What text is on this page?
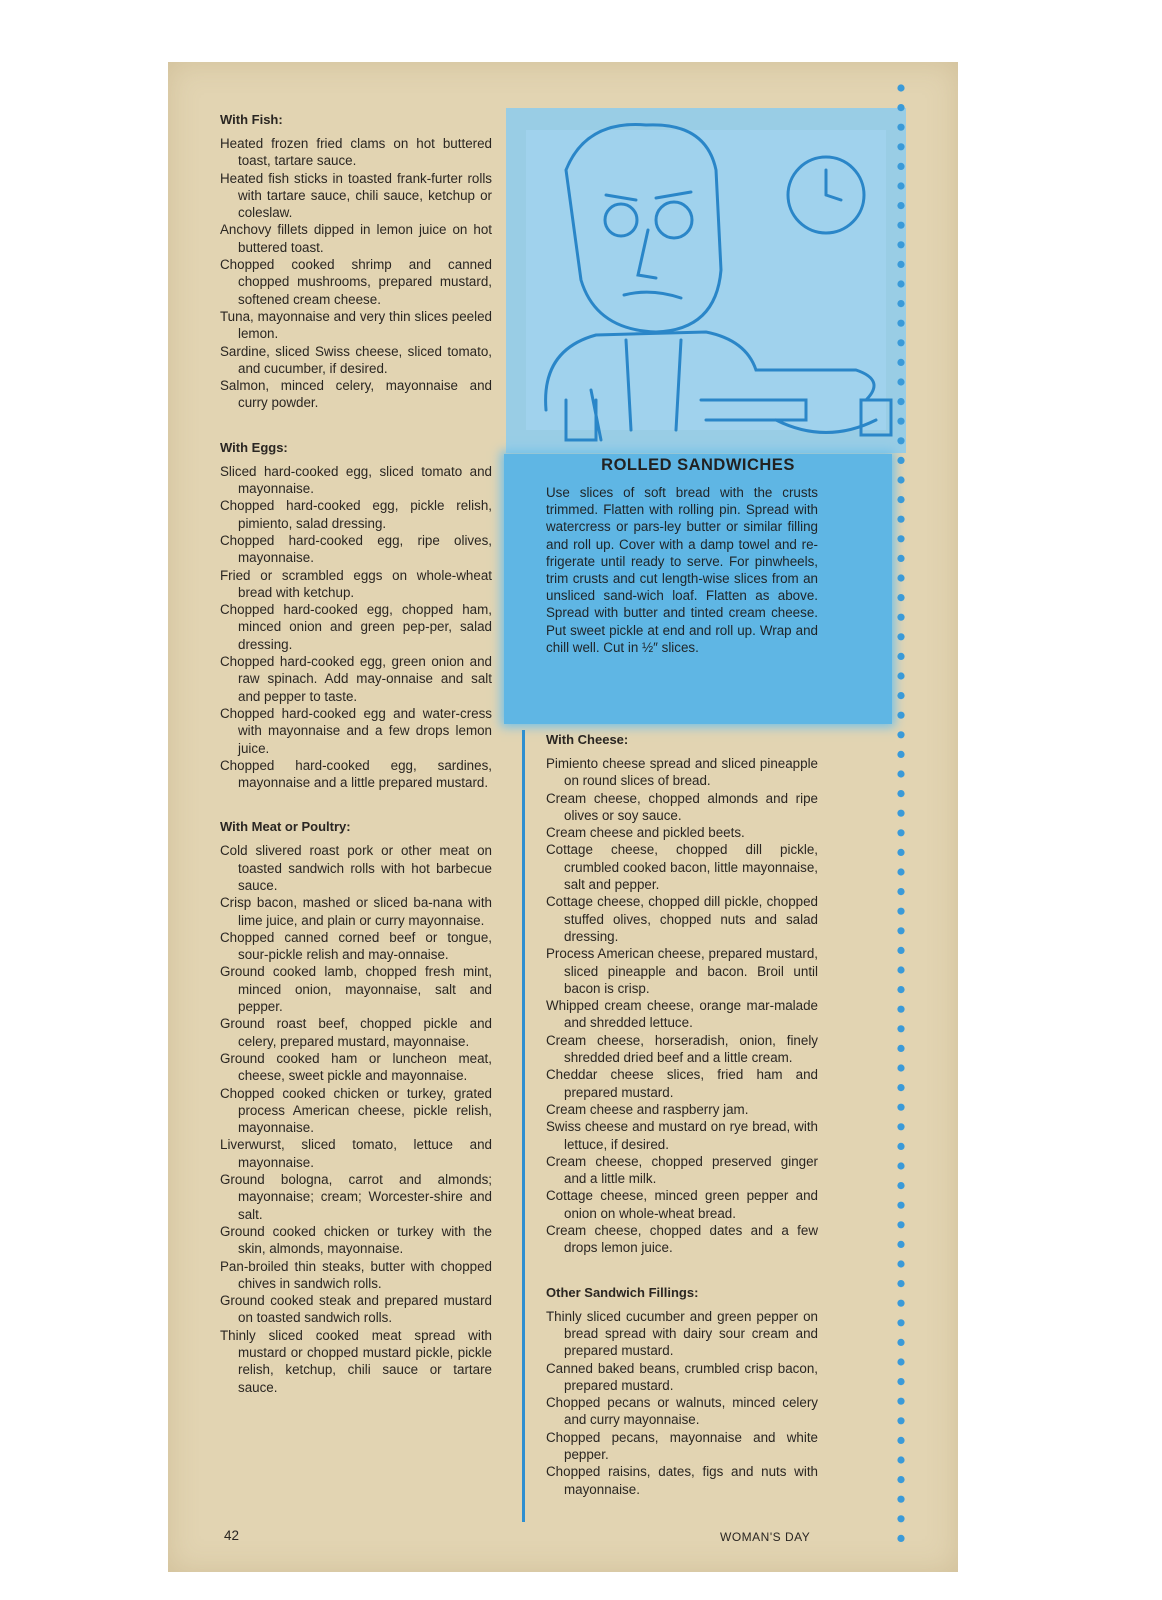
With Fish:
Heated frozen fried clams on hot buttered toast, tartare sauce.
Heated fish sticks in toasted frank-furter rolls with tartare sauce, chili sauce, ketchup or coleslaw.
Anchovy fillets dipped in lemon juice on hot buttered toast.
Chopped cooked shrimp and canned chopped mushrooms, prepared mustard, softened cream cheese.
Tuna, mayonnaise and very thin slices peeled lemon.
Sardine, sliced Swiss cheese, sliced tomato, and cucumber, if desired.
Salmon, minced celery, mayonnaise and curry powder.
With Eggs:
Sliced hard-cooked egg, sliced tomato and mayonnaise.
Chopped hard-cooked egg, pickle relish, pimiento, salad dressing.
Chopped hard-cooked egg, ripe olives, mayonnaise.
Fried or scrambled eggs on whole-wheat bread with ketchup.
Chopped hard-cooked egg, chopped ham, minced onion and green pep-per, salad dressing.
Chopped hard-cooked egg, green onion and raw spinach. Add may-onnaise and salt and pepper to taste.
Chopped hard-cooked egg and water-cress with mayonnaise and a few drops lemon juice.
Chopped hard-cooked egg, sardines, mayonnaise and a little prepared mustard.
With Meat or Poultry:
Cold slivered roast pork or other meat on toasted sandwich rolls with hot barbecue sauce.
Crisp bacon, mashed or sliced ba-nana with lime juice, and plain or curry mayonnaise.
Chopped canned corned beef or tongue, sour-pickle relish and may-onnaise.
Ground cooked lamb, chopped fresh mint, minced onion, mayonnaise, salt and pepper.
Ground roast beef, chopped pickle and celery, prepared mustard, mayonnaise.
Ground cooked ham or luncheon meat, cheese, sweet pickle and mayonnaise.
Chopped cooked chicken or turkey, grated process American cheese, pickle relish, mayonnaise.
Liverwurst, sliced tomato, lettuce and mayonnaise.
Ground bologna, carrot and almonds; mayonnaise; cream; Worcester-shire and salt.
Ground cooked chicken or turkey with the skin, almonds, mayonnaise.
Pan-broiled thin steaks, butter with chopped chives in sandwich rolls.
Ground cooked steak and prepared mustard on toasted sandwich rolls.
Thinly sliced cooked meat spread with mustard or chopped mustard pickle, pickle relish, ketchup, chili sauce or tartare sauce.
ROLLED SANDWICHES
Use slices of soft bread with the crusts trimmed. Flatten with rolling pin. Spread with watercress or pars-ley butter or similar filling and roll up. Cover with a damp towel and re-frigerate until ready to serve. For pinwheels, trim crusts and cut length-wise slices from an unsliced sand-wich loaf. Flatten as above. Spread with butter and tinted cream cheese. Put sweet pickle at end and roll up. Wrap and chill well. Cut in ½″ slices.
With Cheese:
Pimiento cheese spread and sliced pineapple on round slices of bread.
Cream cheese, chopped almonds and ripe olives or soy sauce.
Cream cheese and pickled beets.
Cottage cheese, chopped dill pickle, crumbled cooked bacon, little mayonnaise, salt and pepper.
Cottage cheese, chopped dill pickle, chopped stuffed olives, chopped nuts and salad dressing.
Process American cheese, prepared mustard, sliced pineapple and bacon. Broil until bacon is crisp.
Whipped cream cheese, orange mar-malade and shredded lettuce.
Cream cheese, horseradish, onion, finely shredded dried beef and a little cream.
Cheddar cheese slices, fried ham and prepared mustard.
Cream cheese and raspberry jam.
Swiss cheese and mustard on rye bread, with lettuce, if desired.
Cream cheese, chopped preserved ginger and a little milk.
Cottage cheese, minced green pepper and onion on whole-wheat bread.
Cream cheese, chopped dates and a few drops lemon juice.
Other Sandwich Fillings:
Thinly sliced cucumber and green pepper on bread spread with dairy sour cream and prepared mustard.
Canned baked beans, crumbled crisp bacon, prepared mustard.
Chopped pecans or walnuts, minced celery and curry mayonnaise.
Chopped pecans, mayonnaise and white pepper.
Chopped raisins, dates, figs and nuts with mayonnaise.
42	WOMAN'S DAY
